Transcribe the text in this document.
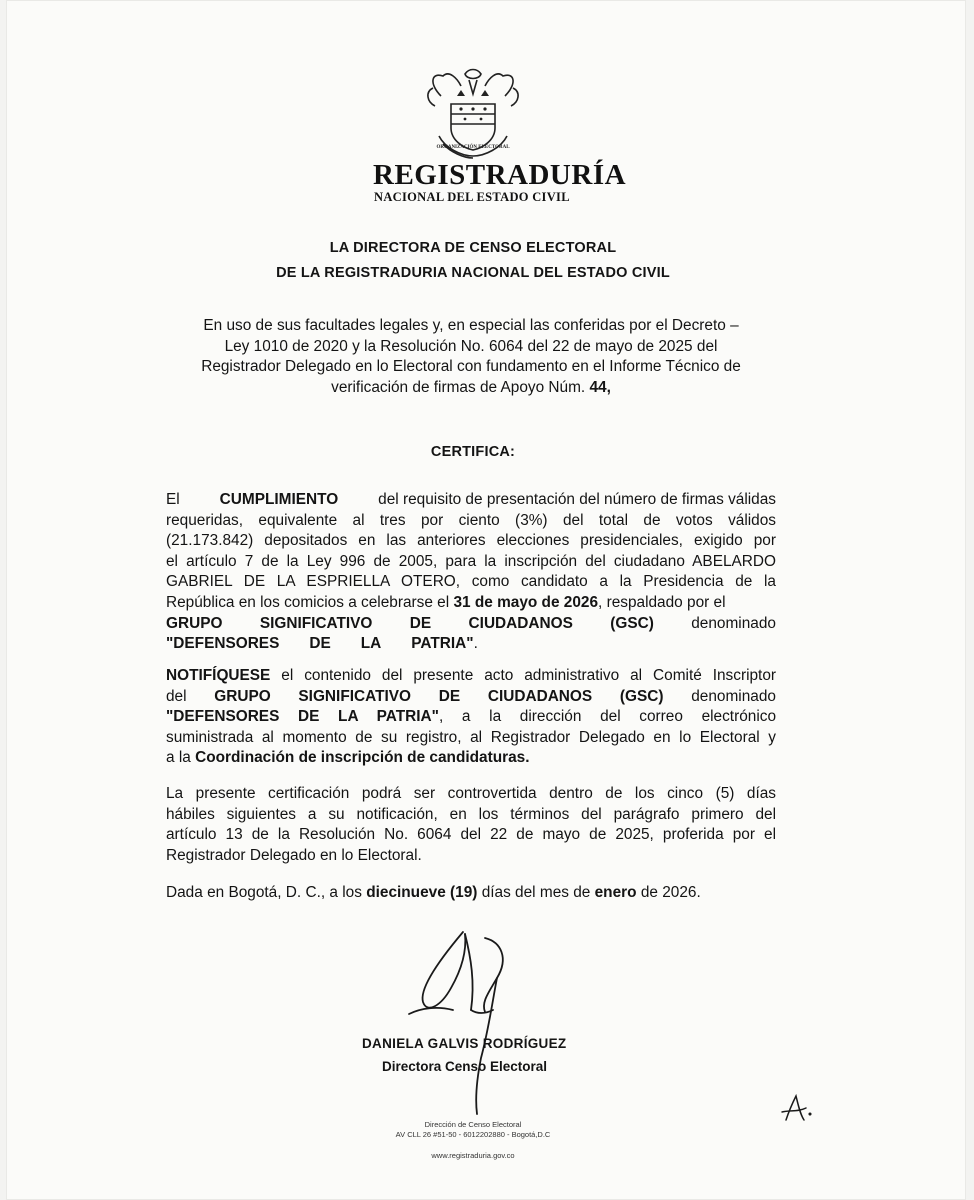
ORGANIZACIÓN ELECTORAL
REGISTRADURÍA
NACIONAL DEL ESTADO CIVIL
LA DIRECTORA DE CENSO ELECTORAL
DE LA REGISTRADURIA NACIONAL DEL ESTADO CIVIL
En uso de sus facultades legales y, en especial las conferidas por el Decreto –
Ley 1010 de 2020 y la Resolución No. 6064 del 22 de mayo de 2025 del
Registrador Delegado en lo Electoral con fundamento en el Informe Técnico de
verificación de firmas de Apoyo Núm. 44,
CERTIFICA:
El	CUMPLIMIENTO	del requisito de presentación del número de firmas válidas
requeridas, equivalente al tres por ciento (3%) del total de votos válidos
(21.173.842) depositados en las anteriores elecciones presidenciales, exigido por
el artículo 7 de la Ley 996 de 2005, para la inscripción del ciudadano ABELARDO
GABRIEL DE LA ESPRIELLA OTERO, como candidato a la Presidencia de la
República en los comicios a celebrarse el 31 de mayo de 2026, respaldado por el
GRUPO SIGNIFICATIVO DE CIUDADANOS (GSC) denominado
"DEFENSORES DE LA PATRIA".
NOTIFÍQUESE el contenido del presente acto administrativo al Comité Inscriptor
del GRUPO SIGNIFICATIVO DE CIUDADANOS (GSC) denominado
"DEFENSORES DE LA PATRIA", a la dirección del correo electrónico
suministrada al momento de su registro, al Registrador Delegado en lo Electoral y
a la Coordinación de inscripción de candidaturas.
La presente certificación podrá ser controvertida dentro de los cinco (5) días
hábiles siguientes a su notificación, en los términos del parágrafo primero del
artículo 13 de la Resolución No. 6064 del 22 de mayo de 2025, proferida por el
Registrador Delegado en lo Electoral.
Dada en Bogotá, D. C., a los diecinueve (19) días del mes de enero de 2026.
DANIELA GALVIS RODRÍGUEZ
Directora Censo Electoral
Dirección de Censo Electoral
AV CLL 26 #51-50 - 6012202880 - Bogotá,D.C
www.registraduria.gov.co
